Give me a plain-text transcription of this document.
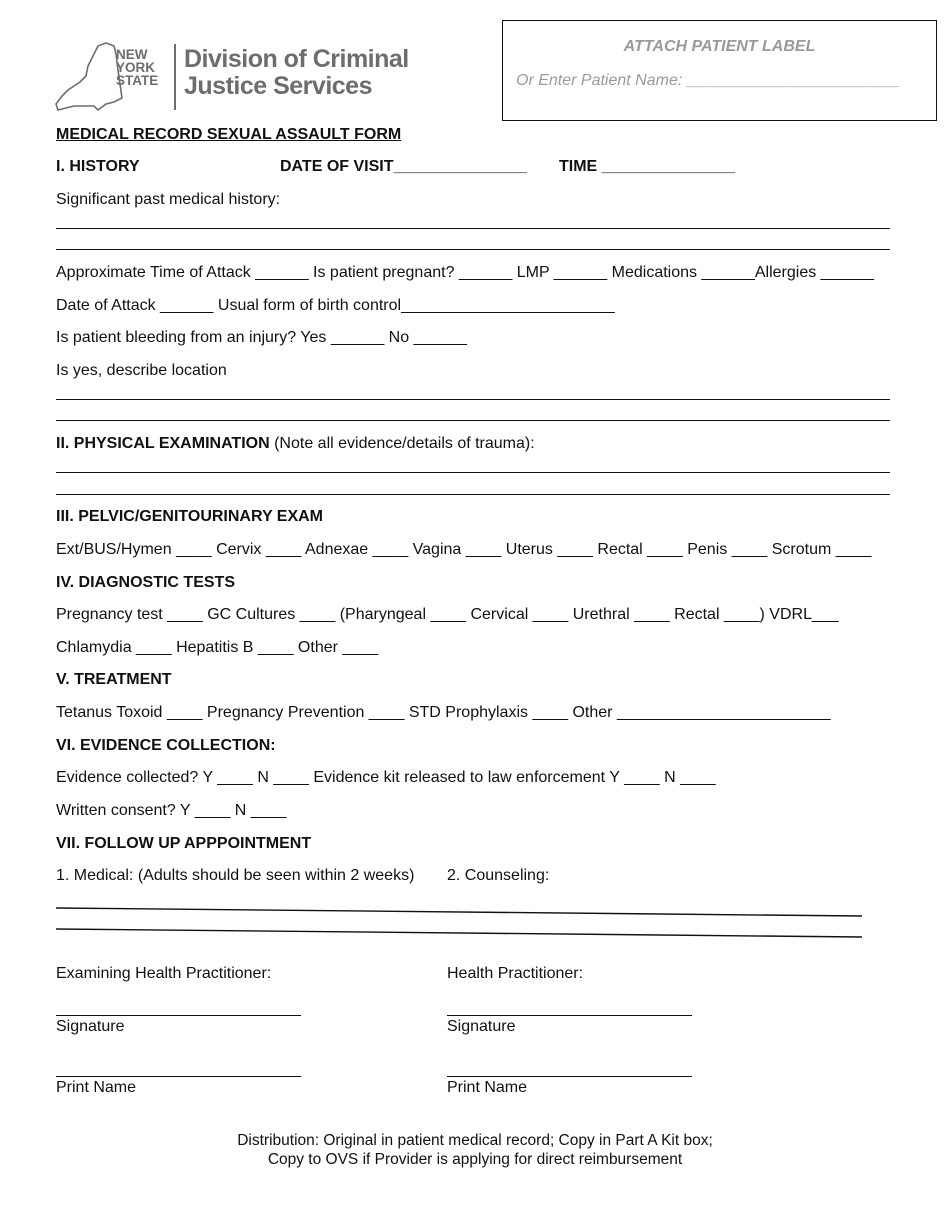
NEW
YORK
STATE
Division of Criminal
Justice Services
ATTACH PATIENT LABEL
Or Enter Patient Name: ________________________
MEDICAL RECORD SEXUAL ASSAULT FORM
I. HISTORY	DATE OF VISIT_______________ TIME _______________
Significant past medical history:
Approximate Time of Attack ______ Is patient pregnant? ______ LMP ______ Medications ______Allergies ______
Date of Attack ______ Usual form of birth control________________________
Is patient bleeding from an injury? Yes ______ No ______
Is yes, describe location
II. PHYSICAL EXAMINATION (Note all evidence/details of trauma):
III. PELVIC/GENITOURINARY EXAM
Ext/BUS/Hymen ____ Cervix ____ Adnexae ____ Vagina ____ Uterus ____ Rectal ____ Penis ____ Scrotum ____
IV. DIAGNOSTIC TESTS
Pregnancy test ____ GC Cultures ____ (Pharyngeal ____ Cervical ____ Urethral ____ Rectal ____) VDRL___
Chlamydia ____ Hepatitis B ____ Other ____
V. TREATMENT
Tetanus Toxoid ____ Pregnancy Prevention ____ STD Prophylaxis ____ Other ________________________
VI. EVIDENCE COLLECTION:
Evidence collected? Y ____ N ____ Evidence kit released to law enforcement Y ____ N ____
Written consent? Y ____ N ____
VII. FOLLOW UP APPPOINTMENT
1. Medical: (Adults should be seen within 2 weeks) 2. Counseling:
Examining Health Practitioner:	Health Practitioner:
Signature	Signature
Print Name	Print Name
Distribution: Original in patient medical record; Copy in Part A Kit box;
Copy to OVS if Provider is applying for direct reimbursement
